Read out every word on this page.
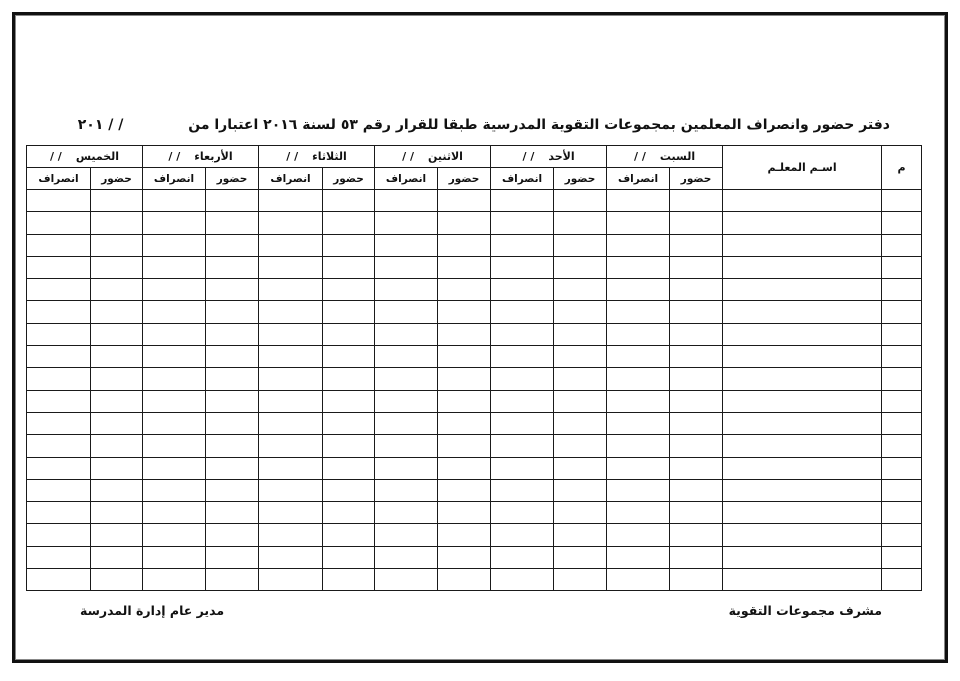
دفتر حضور وانصراف المعلمين بمجموعات التقوية المدرسية طبقا للقرار رقم ٥٣ لسنة ٢٠١٦ اعتبارا من / / ٢٠١
م	اسـم المعلـم	السبت/ /		الأحد/ /		الاثنين/ /		الثلاثاء/ /		الأربعاء/ /		الخميس/ /	
		حضور	انصراف	حضور	انصراف	حضور	انصراف	حضور	انصراف	حضور	انصراف	حضور	انصراف

مدير عام إدارة المدرسة	مشرف مجموعات التقوية
